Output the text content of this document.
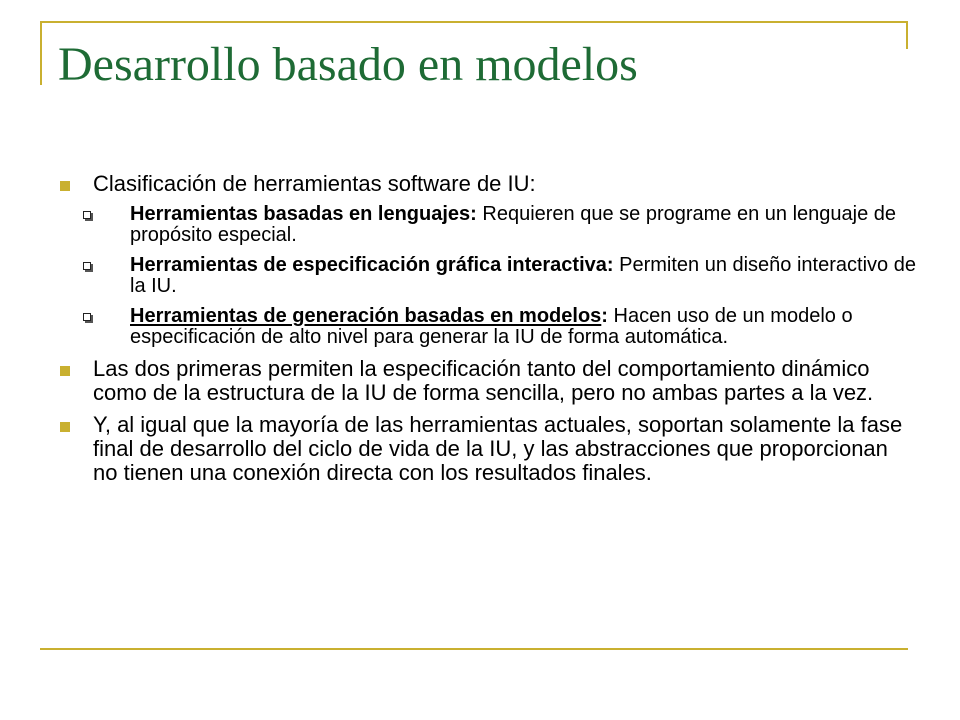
Desarrollo basado en modelos
Clasificación de herramientas software de IU:
Herramientas basadas en lenguajes: Requieren que se programe en un lenguaje de propósito especial.
Herramientas de especificación gráfica interactiva: Permiten un diseño interactivo de la IU.
Herramientas de generación basadas en modelos: Hacen uso de un modelo o especificación de alto nivel para generar la IU de forma automática.
Las dos primeras permiten la especificación tanto del comportamiento dinámico como de la estructura de la IU de forma sencilla, pero no ambas partes a la vez.
Y, al igual que la mayoría de las herramientas actuales, soportan solamente la fase final de desarrollo del ciclo de vida de la IU, y las abstracciones que proporcionan no tienen una conexión directa con los resultados finales.
